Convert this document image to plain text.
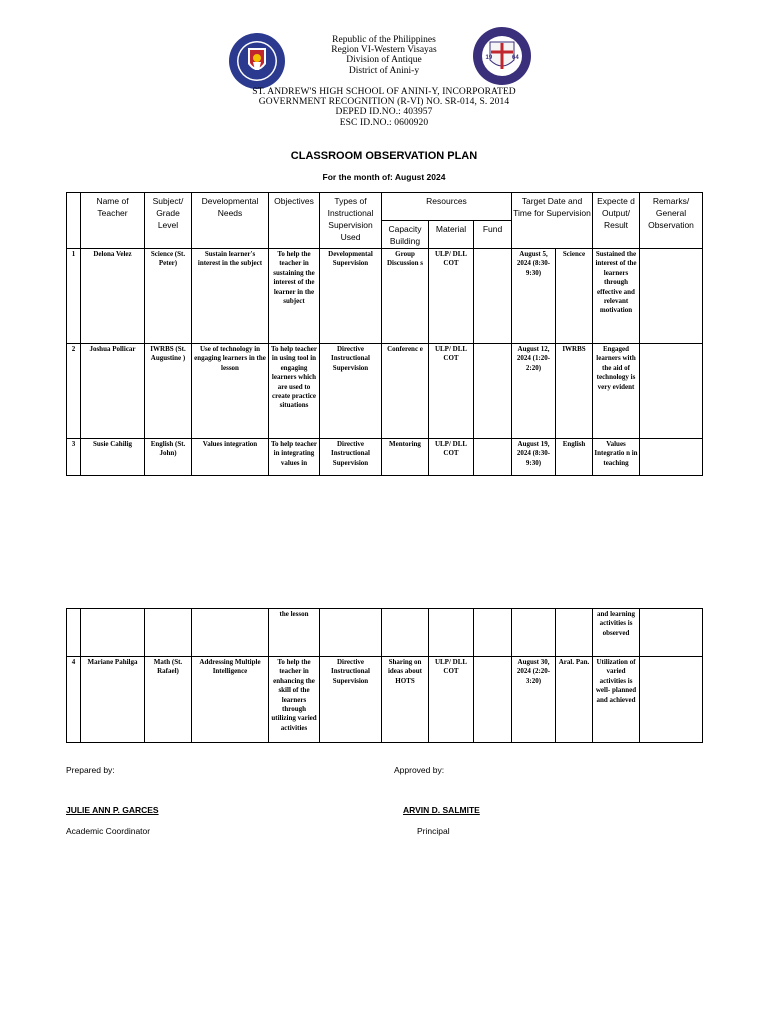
Republic of the Philippines
Region VI-Western Visayas
Division of Antique
District of Anini-y
19	64
ST. ANDREW'S HIGH SCHOOL OF ANINI-Y, INCORPORATED
GOVERNMENT RECOGNITION (R-VI) NO. SR-014, S. 2014
DEPED ID.NO.: 403957
ESC ID.NO.: 0600920
CLASSROOM OBSERVATION PLAN
For the month of: August 2024
	Name of Teacher	Subject/ Grade Level	Developmental Needs	Objectives	Types of Instructional Supervision Used	Resources			Target Date and Time for Supervision		Expecte d Output/ Result	Remarks/ General Observation
						Capacity Building	Material	Fund				
1	Delona Velez	Science (St. Peter)	Sustain learner's interest in the subject	To help the teacher in sustaining the interest of the learner in the subject	Developmental Supervision	Group Discussion s	ULP/ DLL COT		August 5, 2024 (8:30- 9:30)	Science	Sustained the interest of the learners through effective and relevant motivation	
2	Joshua Pollicar	IWRBS (St. Augustine )	Use of technology in engaging learners in the lesson	To help teacher in using tool in engaging learners which are used to create practice situations	Directive Instructional Supervision	Conferenc e	ULP/ DLL COT		August 12, 2024 (1:20- 2:20)	IWRBS	Engaged learners with the aid of technology is very evident	
3	Susie Cahilig	English (St. John)	Values integration	To help teacher in integrating values in	Directive Instructional Supervision	Mentoring	ULP/ DLL COT		August 19, 2024 (8:30- 9:30)	English	Values Integratio n in teaching	
				the lesson							and learning activities is observed	
4	Mariane Pahilga	Math (St. Rafael)	Addressing Multiple Intelligence	To help the teacher in enhancing the skill of the learners through utilizing varied activities	Directive Instructional Supervision	Sharing on ideas about HOTS	ULP/ DLL COT		August 30, 2024 (2:20- 3:20)	Aral. Pan.	Utilization of varied activities is well- planned and achieved	
Prepared by:
JULIE ANN P. GARCES
Academic Coordinator
Approved by:
ARVIN D. SALMITE
Principal
